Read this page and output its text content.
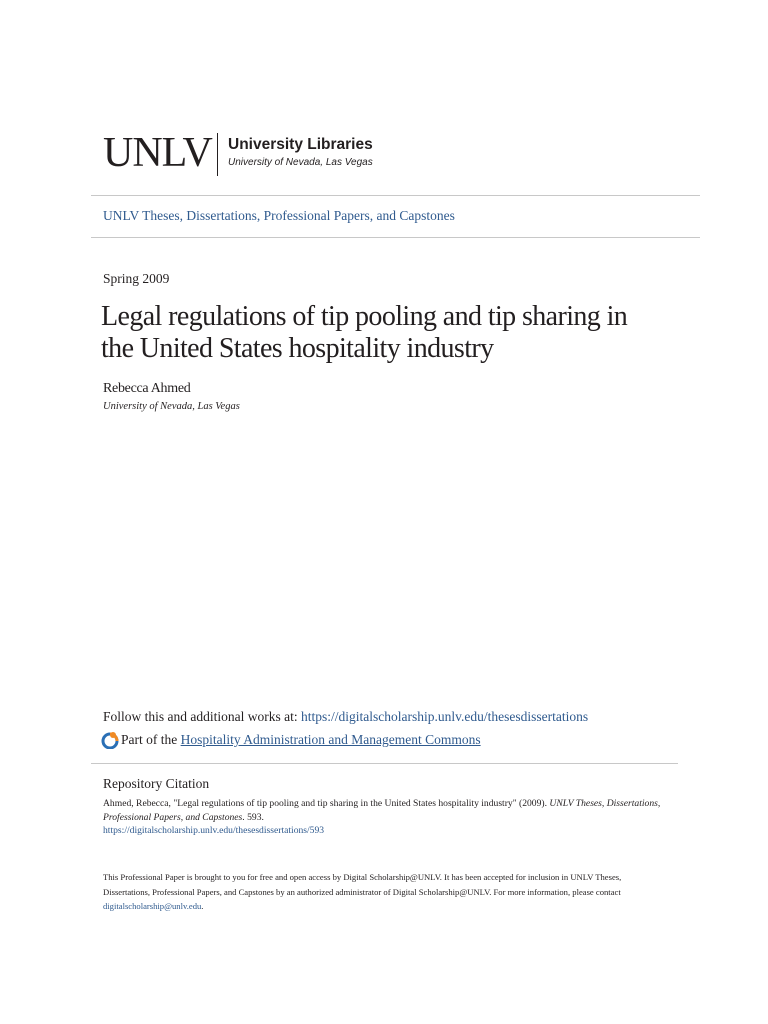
UNLV University Libraries
University of Nevada, Las Vegas
UNLV Theses, Dissertations, Professional Papers, and Capstones
Spring 2009
Legal regulations of tip pooling and tip sharing in the United States hospitality industry
Rebecca Ahmed
University of Nevada, Las Vegas
Follow this and additional works at: https://digitalscholarship.unlv.edu/thesesdissertations
Part of the
Hospitality Administration and Management Commons
Repository Citation
Ahmed, Rebecca, "Legal regulations of tip pooling and tip sharing in the United States hospitality industry" (2009). UNLV Theses, Dissertations, Professional Papers, and Capstones. 593.
https://digitalscholarship.unlv.edu/thesesdissertations/593
This Professional Paper is brought to you for free and open access by Digital Scholarship@UNLV. It has been accepted for inclusion in UNLV Theses, Dissertations, Professional Papers, and Capstones by an authorized administrator of Digital Scholarship@UNLV. For more information, please contact
digitalscholarship@unlv.edu.
